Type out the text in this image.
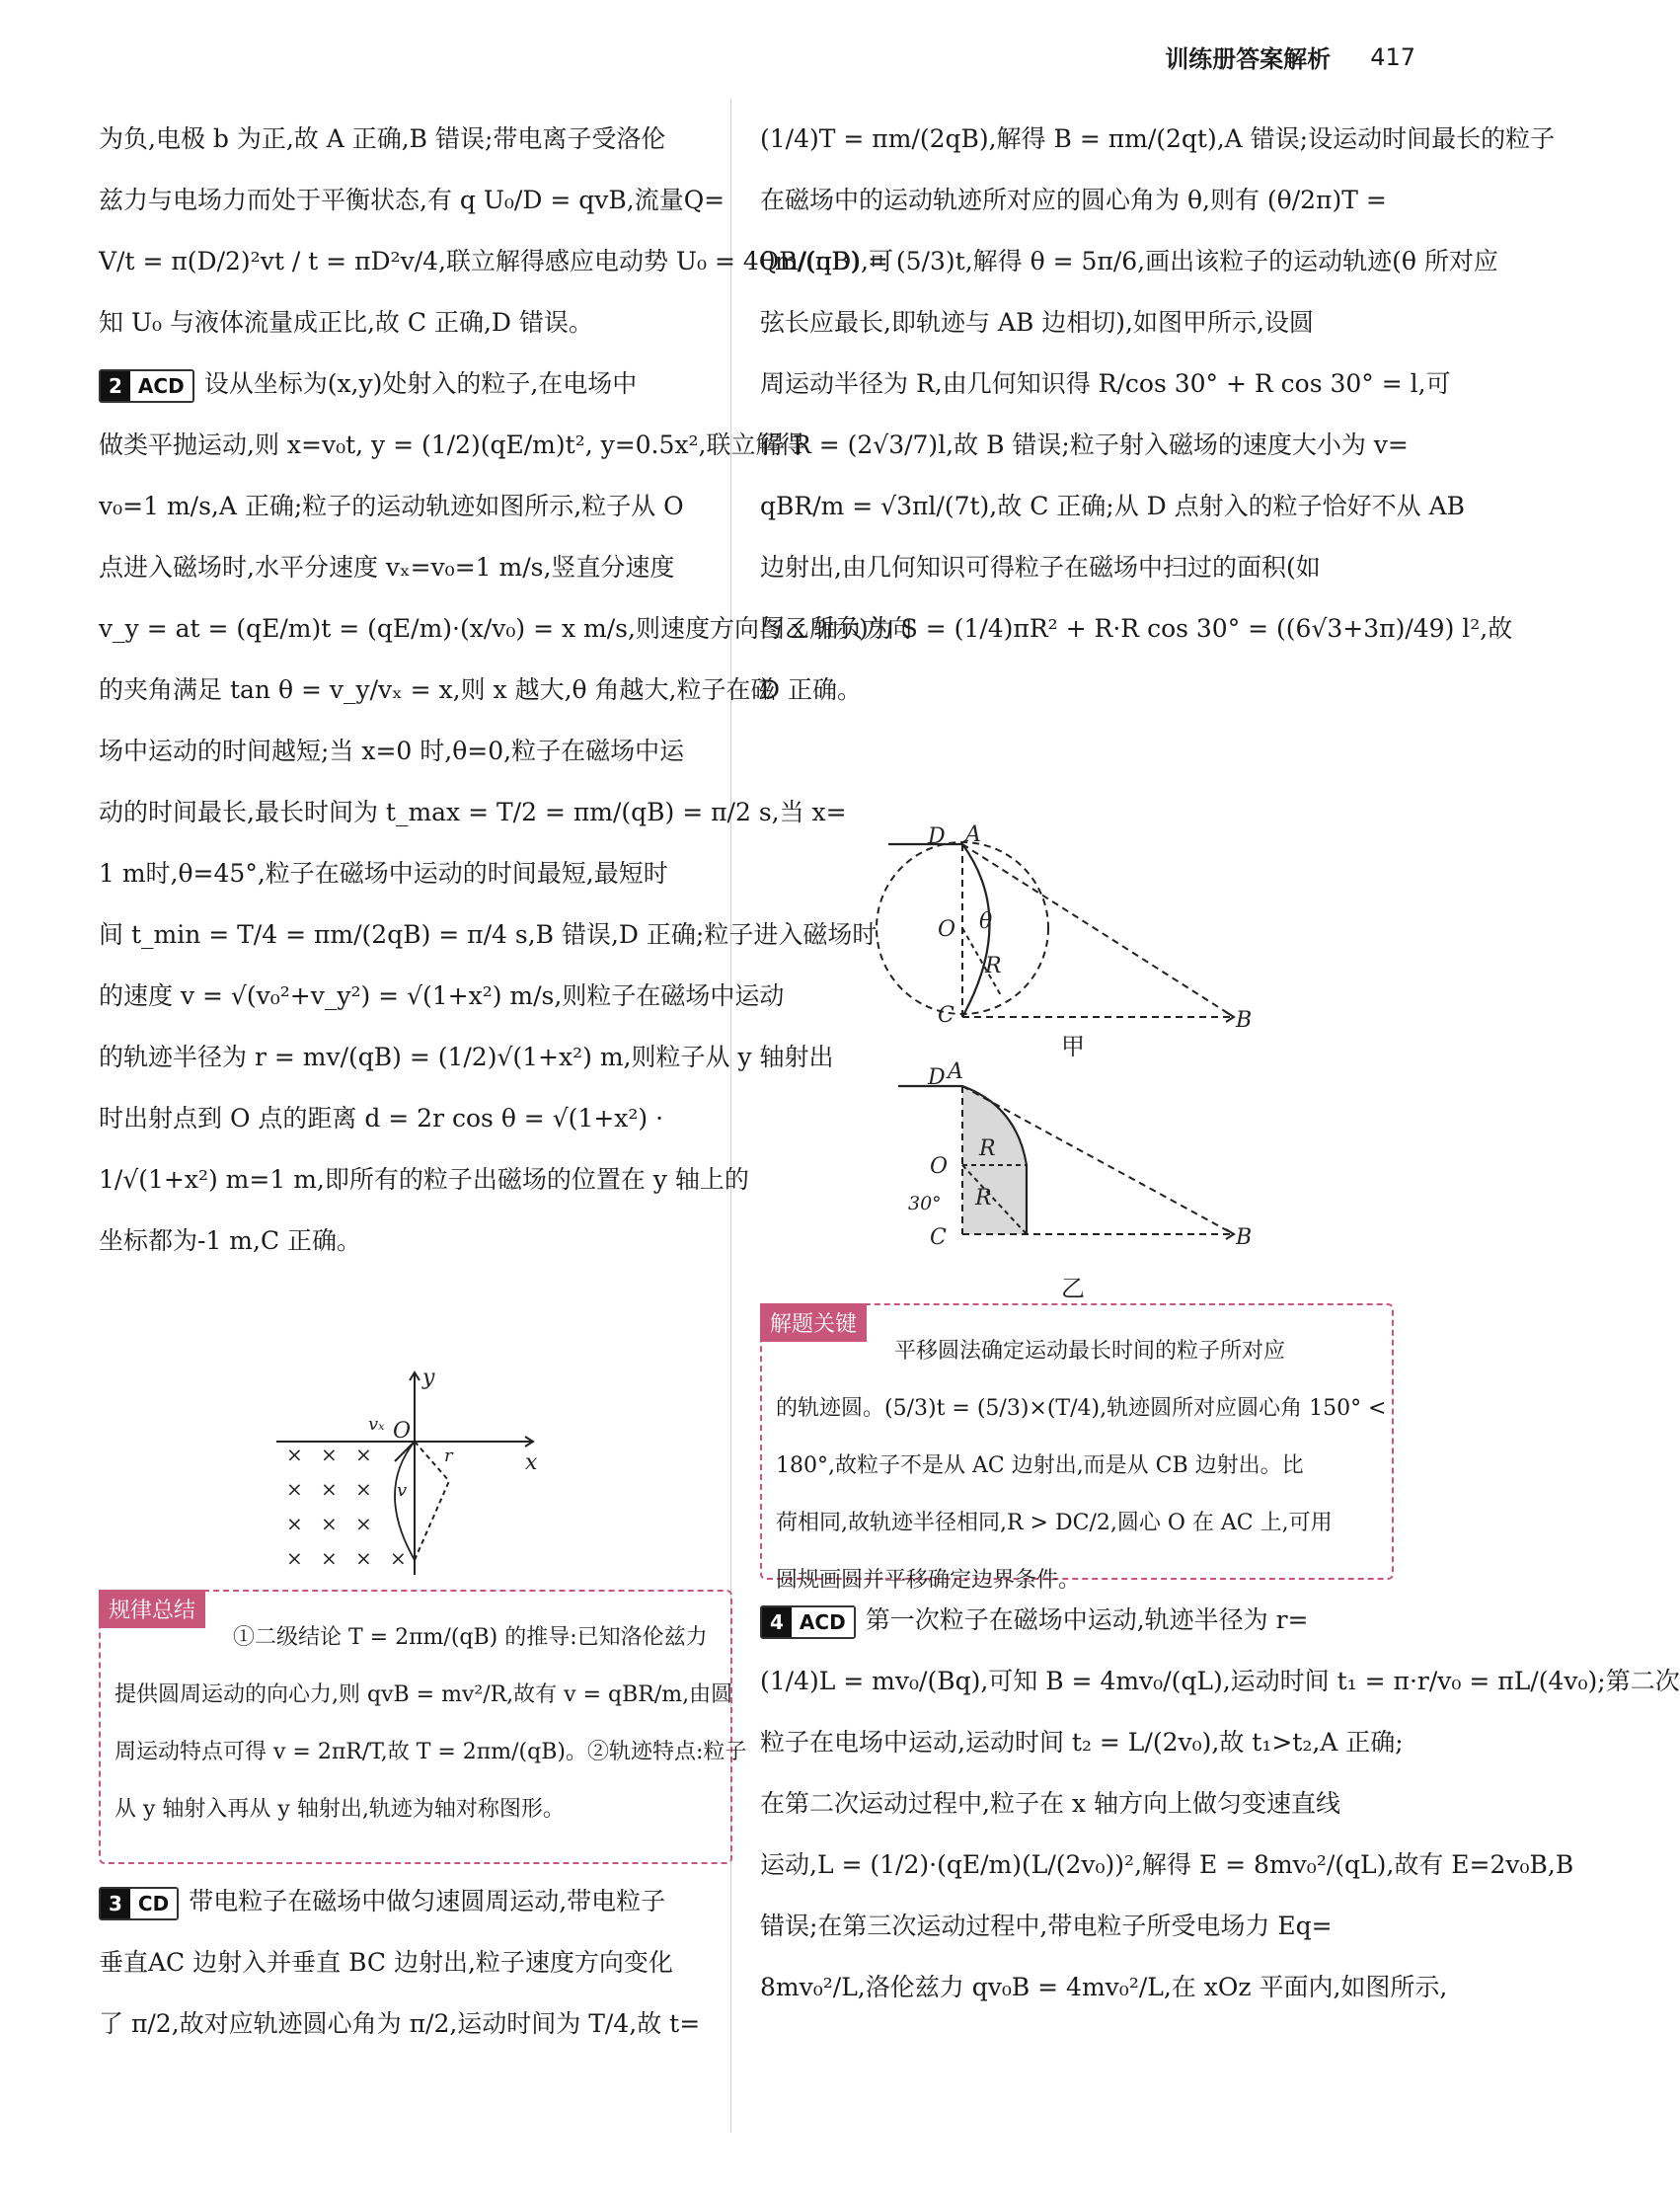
训练册答案解析 417
为负,电极 b 为正,故 A 正确,B 错误;带电离子受洛伦
兹力与电场力而处于平衡状态,有 q U₀/D = qvB,流量Q=
V/t = π(D/2)²vt / t = πD²v/4,联立解得感应电动势 U₀ = 4QB/(πD),可
知 U₀ 与液体流量成正比,故 C 正确,D 错误。
2 ACD 设从坐标为(x,y)处射入的粒子,在电场中
做类平抛运动,则 x=v₀t, y = (1/2)(qE/m)t², y=0.5x²,联立解得
v₀=1 m/s,A 正确;粒子的运动轨迹如图所示,粒子从 O
点进入磁场时,水平分速度 vₓ=v₀=1 m/s,竖直分速度
v_y = at = (qE/m)t = (qE/m)·(x/v₀) = x m/s,则速度方向与 x 轴负方向
的夹角满足 tan θ = v_y/vₓ = x,则 x 越大,θ 角越大,粒子在磁
场中运动的时间越短;当 x=0 时,θ=0,粒子在磁场中运
动的时间最长,最长时间为 t_max = T/2 = πm/(qB) = π/2 s,当 x=
1 m时,θ=45°,粒子在磁场中运动的时间最短,最短时
间 t_min = T/4 = πm/(2qB) = π/4 s,B 错误,D 正确;粒子进入磁场时
的速度 v = √(v₀²+v_y²) = √(1+x²) m/s,则粒子在磁场中运动
的轨迹半径为 r = mv/(qB) = (1/2)√(1+x²) m,则粒子从 y 轴射出
时出射点到 O 点的距离 d = 2r cos θ = √(1+x²) ·
1/√(1+x²) m=1 m,即所有的粒子出磁场的位置在 y 轴上的
坐标都为-1 m,C 正确。
y
x
O
vₓ
v
r
× × ×
× × ×
× × ×
× × × ×
规律总结
①二级结论 T = 2πm/(qB) 的推导:已知洛伦兹力
提供圆周运动的向心力,则 qvB = mv²/R,故有 v = qBR/m,由圆
周运动特点可得 v = 2πR/T,故 T = 2πm/(qB)。②轨迹特点:粒子
从 y 轴射入再从 y 轴射出,轨迹为轴对称图形。
3 CD 带电粒子在磁场中做匀速圆周运动,带电粒子
垂直AC 边射入并垂直 BC 边射出,粒子速度方向变化
了 π/2,故对应轨迹圆心角为 π/2,运动时间为 T/4,故 t=
(1/4)T = πm/(2qB),解得 B = πm/(2qt),A 错误;设运动时间最长的粒子
在磁场中的运动轨迹所对应的圆心角为 θ,则有 (θ/2π)T =
θm/(qB) = (5/3)t,解得 θ = 5π/6,画出该粒子的运动轨迹(θ 所对应
弦长应最长,即轨迹与 AB 边相切),如图甲所示,设圆
周运动半径为 R,由几何知识得 R/cos 30° + R cos 30° = l,可
得 R = (2√3/7)l,故 B 错误;粒子射入磁场的速度大小为 v=
qBR/m = √3πl/(7t),故 C 正确;从 D 点射入的粒子恰好不从 AB
边射出,由几何知识可得粒子在磁场中扫过的面积(如
图乙所示)为 S = (1/4)πR² + R·R cos 30° = ((6√3+3π)/49) l²,故
D 正确。
D A
O θ
R
C	B
甲
D A
O
R
R
30°
C	B
乙
解题关键
平移圆法确定运动最长时间的粒子所对应
的轨迹圆。(5/3)t = (5/3)×(T/4),轨迹圆所对应圆心角 150° <
180°,故粒子不是从 AC 边射出,而是从 CB 边射出。比
荷相同,故轨迹半径相同,R > DC/2,圆心 O 在 AC 上,可用
圆规画圆并平移确定边界条件。
4 ACD 第一次粒子在磁场中运动,轨迹半径为 r=
(1/4)L = mv₀/(Bq),可知 B = 4mv₀/(qL),运动时间 t₁ = π·r/v₀ = πL/(4v₀);第二次
粒子在电场中运动,运动时间 t₂ = L/(2v₀),故 t₁>t₂,A 正确;
在第二次运动过程中,粒子在 x 轴方向上做匀变速直线
运动,L = (1/2)·(qE/m)(L/(2v₀))²,解得 E = 8mv₀²/(qL),故有 E=2v₀B,B
错误;在第三次运动过程中,带电粒子所受电场力 Eq=
8mv₀²/L,洛伦兹力 qv₀B = 4mv₀²/L,在 xOz 平面内,如图所示,
